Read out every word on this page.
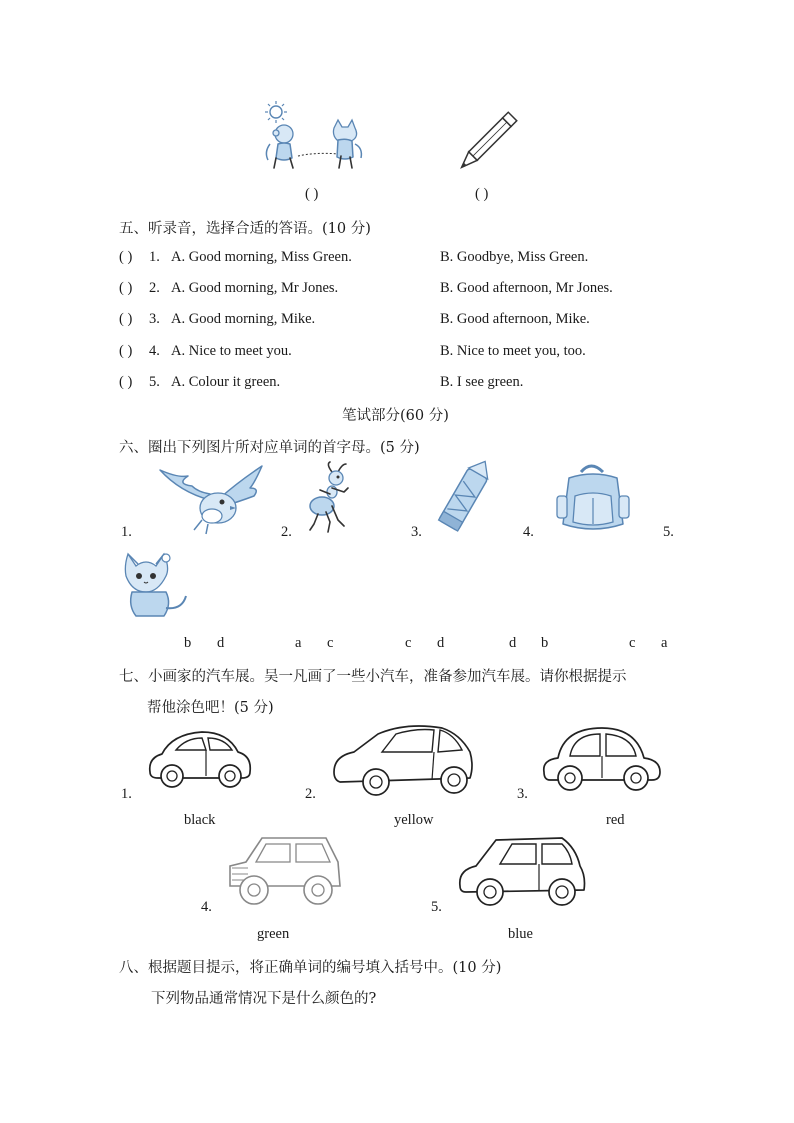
( )	( )
五、听录音，选择合适的答语。(10 分)
( ) 1. A. Good morning, Miss Green.	B. Goodbye, Miss Green.
( ) 2. A. Good morning, Mr Jones.	B. Good afternoon, Mr Jones.
( ) 3. A. Good morning, Mike.	B. Good afternoon, Mike.
( ) 4. A. Nice to meet you.	B. Nice to meet you, too.
( ) 5. A. Colour it green.	B. I see green.
笔试部分(60 分)
六、圈出下列图片所对应单词的首字母。(5 分)
1.	2.	3.	4.	5.
b d	a c	c d	d b	c a
七、小画家的汽车展。吴一凡画了一些小汽车，准备参加汽车展。请你根据提示
帮他涂色吧！(5 分)
1.
black
2.
yellow
3.
red
4.
green
5.
blue
八、根据题目提示，将正确单词的编号填入括号中。(10 分)
下列物品通常情况下是什么颜色的?
